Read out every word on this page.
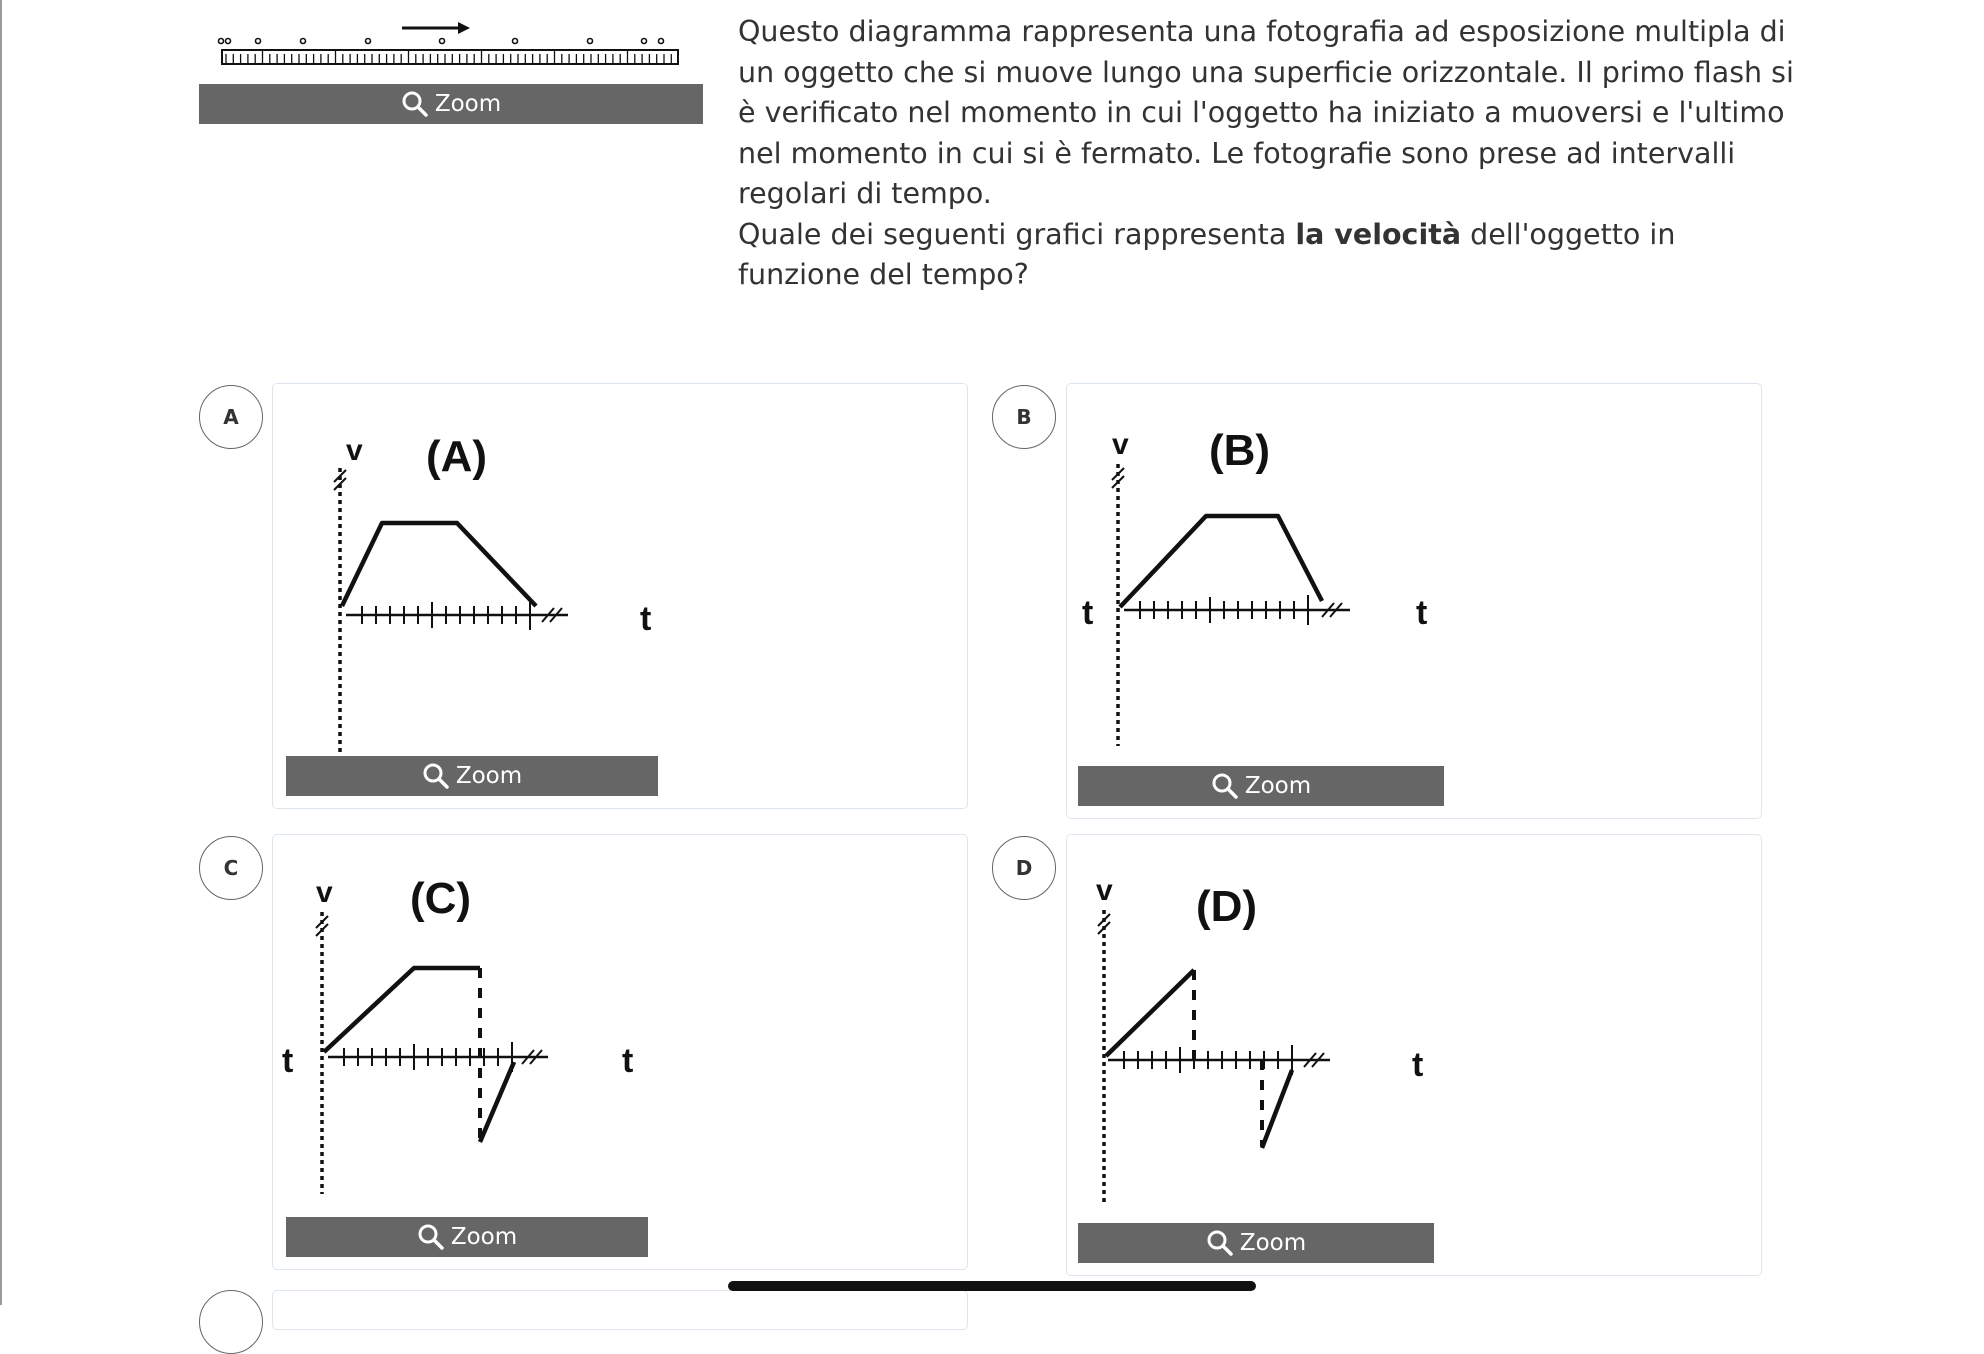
Zoom

Questo diagramma rappresenta una fotografia ad esposizione multipla di un oggetto che si muove lungo una superficie orizzontale. Il primo flash si è verificato nel momento in cui l'oggetto ha iniziato a muoversi e l'ultimo nel momento in cui si è fermato. Le fotografie sono prese ad intervalli regolari di tempo.

Quale dei seguenti grafici rappresenta la velocità dell'oggetto in funzione del tempo?

A
v (A)
t
Zoom
B
v (B)
t	t
Zoom
C
v (C)
t	t
Zoom
D
v (D)
t
Zoom
